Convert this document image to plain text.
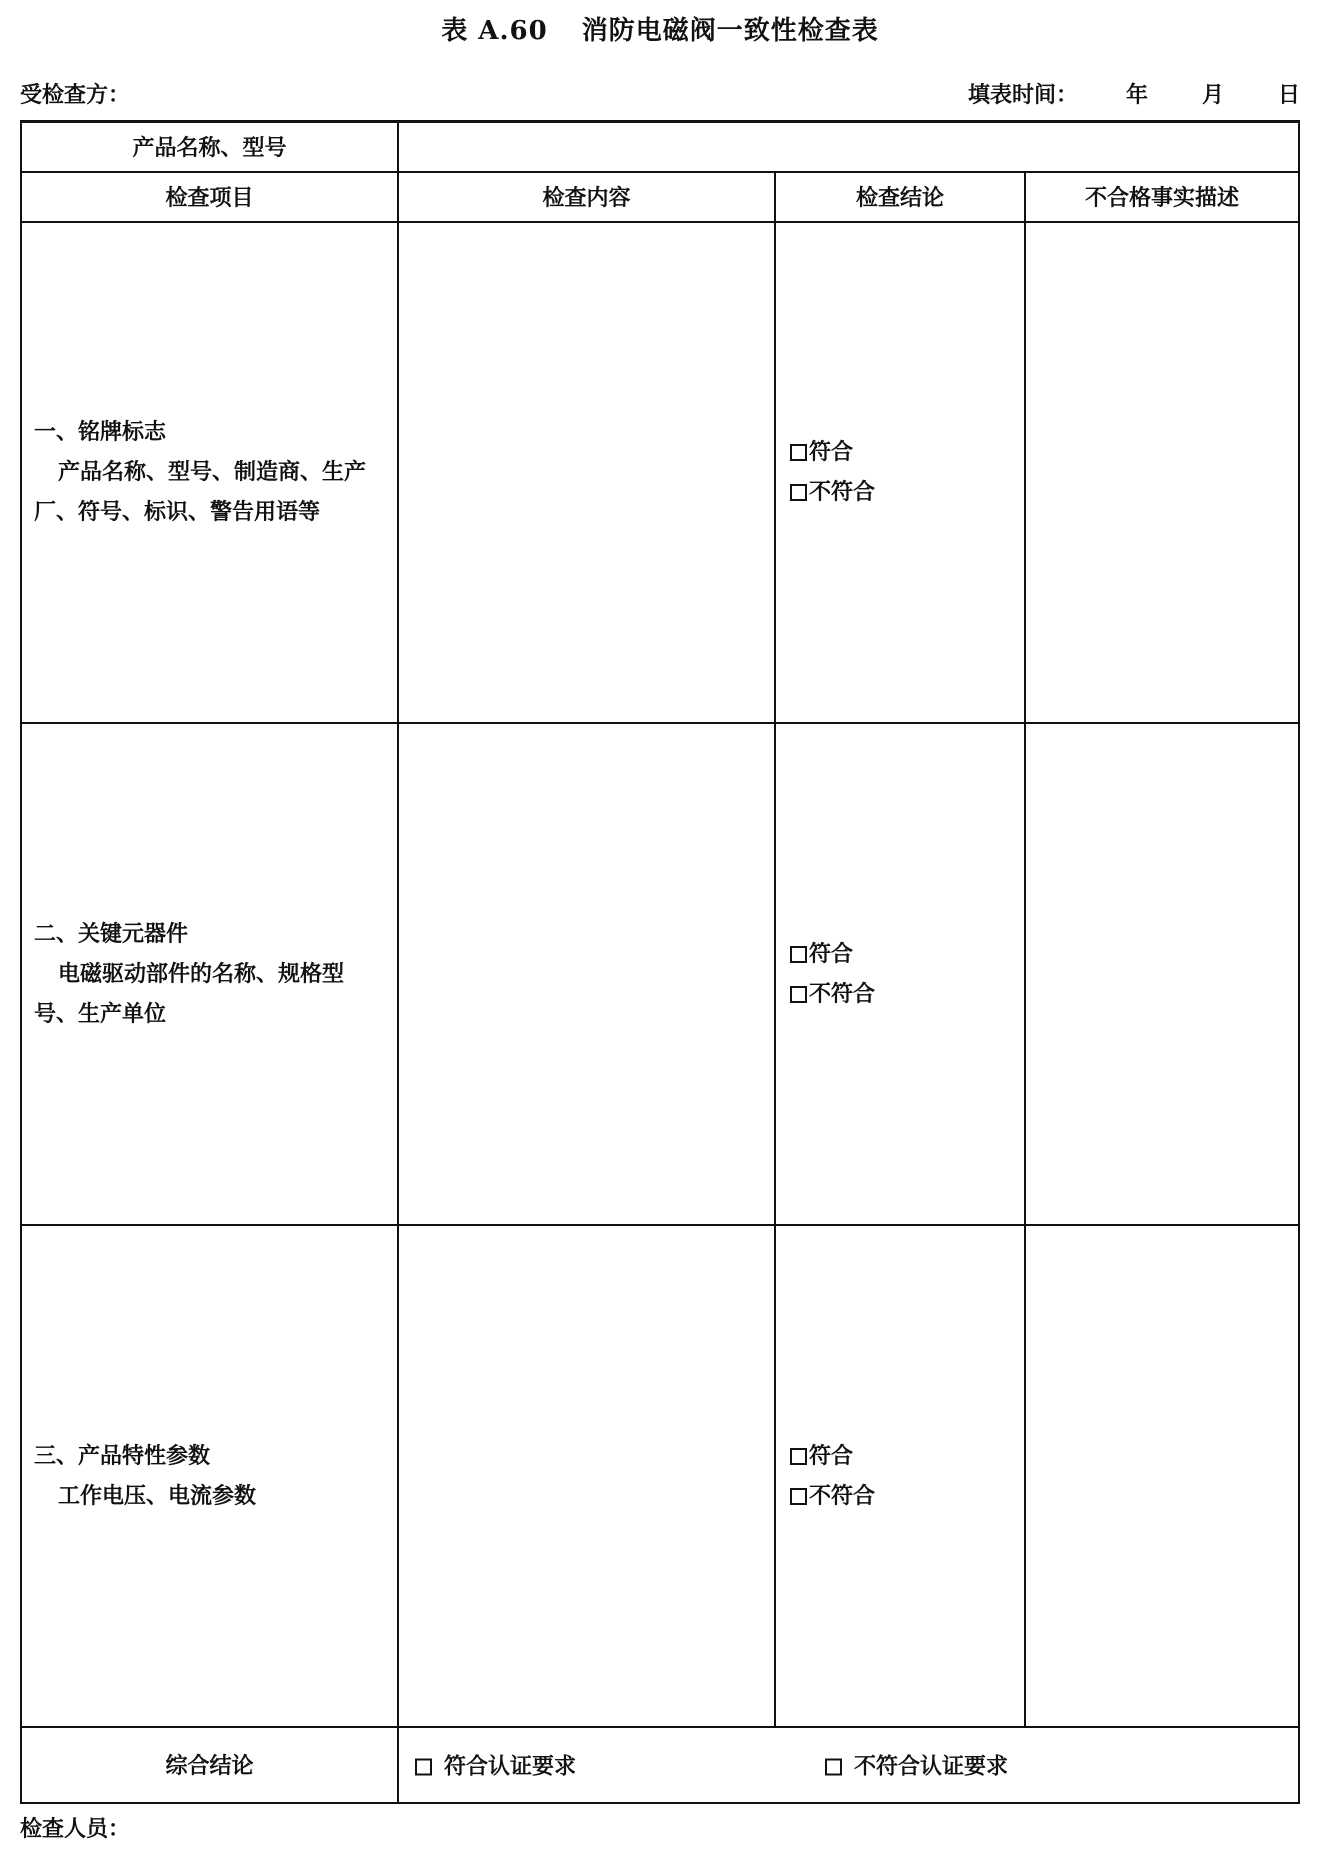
表 A.60 消防电磁阀一致性检查表
受检查方：	填表时间： 年 月 日
产品名称、型号			
检查项目	检查内容	检查结论	不合格事实描述

一、铭牌标志
产品名称、型号、制造商、生产厂、符号、标识、警告用语等		符合
不符合	

二、关键元器件
电磁驱动部件的名称、规格型号、生产单位		符合
不符合	

三、产品特性参数
工作电压、电流参数		符合
不符合	

综合结论	符合认证要求 不符合认证要求		
检查人员：
